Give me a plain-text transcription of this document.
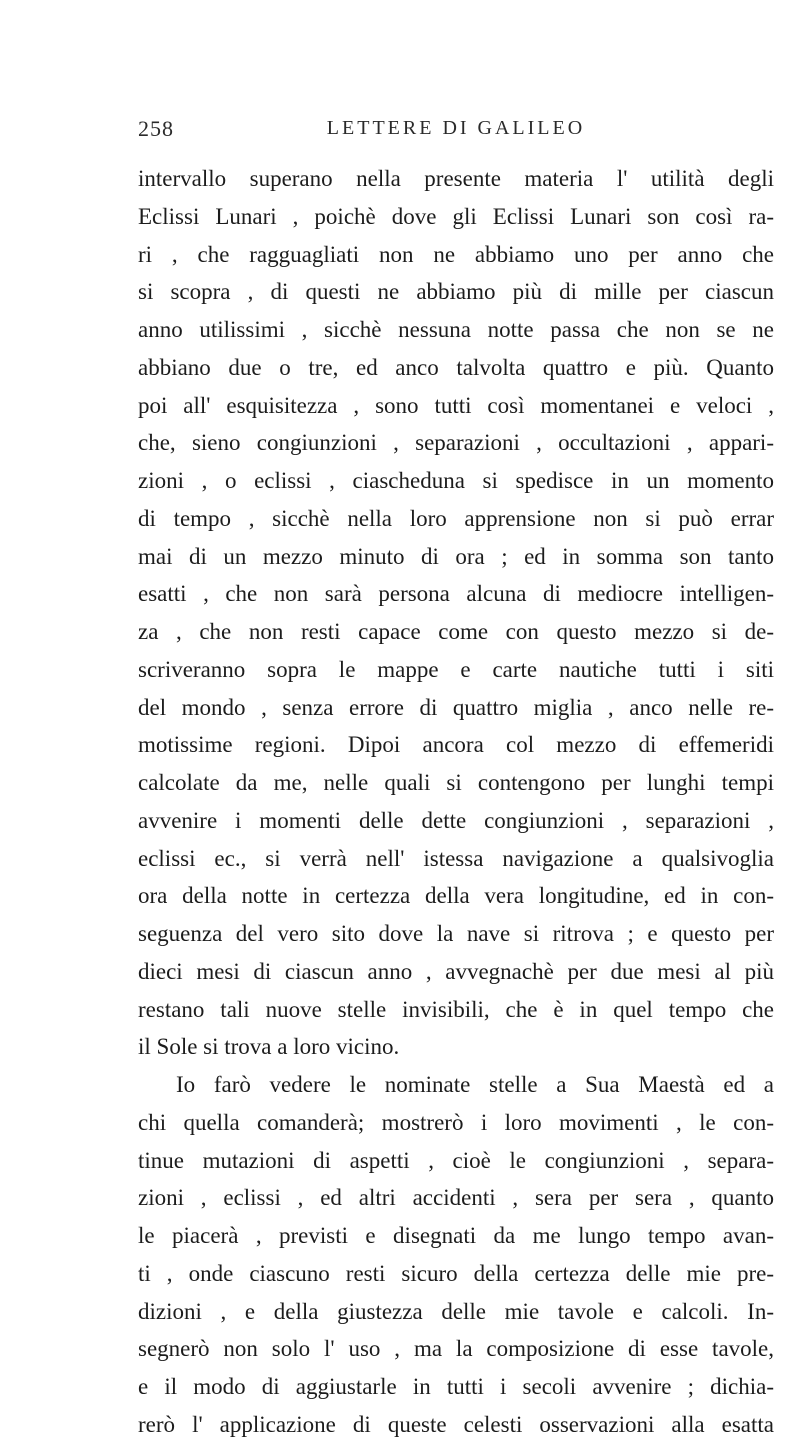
258	LETTERE DI GALILEO
intervallo superano nella presente materia l' utilità degli
Eclissi Lunari , poichè dove gli Eclissi Lunari son così ra-
ri , che ragguagliati non ne abbiamo uno per anno che
si scopra , di questi ne abbiamo più di mille per ciascun
anno utilissimi , sicchè nessuna notte passa che non se ne
abbiano due o tre, ed anco talvolta quattro e più. Quanto
poi all' esquisitezza , sono tutti così momentanei e veloci ,
che, sieno congiunzioni , separazioni , occultazioni , appari-
zioni , o eclissi , ciascheduna si spedisce in un momento
di tempo , sicchè nella loro apprensione non si può errar
mai di un mezzo minuto di ora ; ed in somma son tanto
esatti , che non sarà persona alcuna di mediocre intelligen-
za , che non resti capace come con questo mezzo si de-
scriveranno sopra le mappe e carte nautiche tutti i siti
del mondo , senza errore di quattro miglia , anco nelle re-
motissime regioni. Dipoi ancora col mezzo di effemeridi
calcolate da me, nelle quali si contengono per lunghi tempi
avvenire i momenti delle dette congiunzioni , separazioni ,
eclissi ec., si verrà nell' istessa navigazione a qualsivoglia
ora della notte in certezza della vera longitudine, ed in con-
seguenza del vero sito dove la nave si ritrova ; e questo per
dieci mesi di ciascun anno , avvegnachè per due mesi al più
restano tali nuove stelle invisibili, che è in quel tempo che
il Sole si trova a loro vicino.
Io farò vedere le nominate stelle a Sua Maestà ed a
chi quella comanderà; mostrerò i loro movimenti , le con-
tinue mutazioni di aspetti , cioè le congiunzioni , separa-
zioni , eclissi , ed altri accidenti , sera per sera , quanto
le piacerà , previsti e disegnati da me lungo tempo avan-
ti , onde ciascuno resti sicuro della certezza delle mie pre-
dizioni , e della giustezza delle mie tavole e calcoli. In-
segnerò non solo l' uso , ma la composizione di esse tavole,
e il modo di aggiustarle in tutti i secoli avvenire ; dichia-
rerò l' applicazione di queste celesti osservazioni alla esatta
